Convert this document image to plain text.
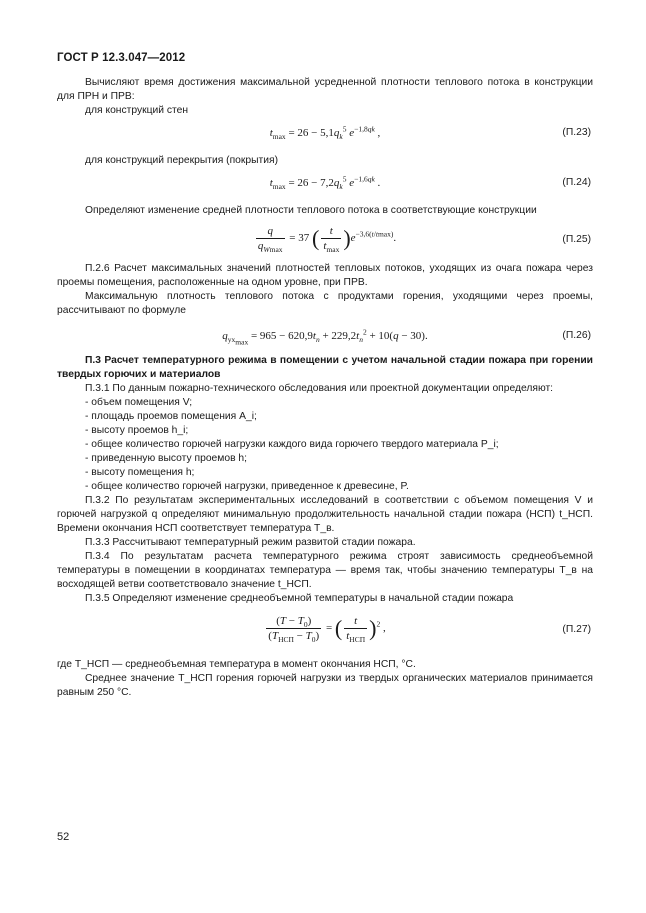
ГОСТ Р 12.3.047—2012

Вычисляют время достижения максимальной усредненной плотности теплового потока в конструкции для ПРН и ПРВ:

для конструкций стен

$t_{max} = 26 - 5,1q_k^5$ $e^{-1,8qk}$ ,	(П.23)

для конструкций перекрытия (покрытия)

$t_{max} = 26 - 7,2q_k^5$ $e^{-1,6qk}$ .	(П.24)

Определяют изменение средней плотности теплового потока в соответствующие конструкции

$\frac{q}{q_{Wmax}} = 37$ ( $\frac{t}{t_{max}} )e^{-3,6(t/tmax)}$.	(П.25)

П.2.6 Расчет максимальных значений плотностей тепловых потоков, уходящих из очага пожара через проемы помещения, расположенные на одном уровне, при ПРВ.

Максимальную плотность теплового потока с продуктами горения, уходящими через проемы, рассчитывают по формуле

$q_{ух_{max}} = 965 - 620,9t_п + 229,2t_п^2 + 10(q - 30)$.	(П.26)

П.3 Расчет температурного режима в помещении с учетом начальной стадии пожара при горении твердых горючих и материалов

П.3.1 По данным пожарно-технического обследования или проектной документации определяют:

- объем помещения V;

- площадь проемов помещения A_i;

- высоту проемов h_i;

- общее количество горючей нагрузки каждого вида горючего твердого материала P_i;

- приведенную высоту проемов h;

- высоту помещения h;

- общее количество горючей нагрузки, приведенное к древесине, P.

П.3.2 По результатам экспериментальных исследований в соответствии с объемом помещения V и горючей нагрузкой q определяют минимальную продолжительность начальной стадии пожара (НСП) t_НСП. Времени окончания НСП соответствует температура T_в.

П.3.3 Рассчитывают температурный режим развитой стадии пожара.

П.3.4 По результатам расчета температурного режима строят зависимость среднеобъемной температуры в помещении в координатах температура — время так, чтобы значению температуры T_в на восходящей ветви соответствовало значение t_НСП.

П.3.5 Определяют изменение среднеобъемной температуры в начальной стадии пожара

$\frac{(T - T_0)}{(T_{НСП} - T_0)}$ = ( $\frac{t}{t_{НСП}} )^2$ ,	(П.27)

где T_НСП — среднеобъемная температура в момент окончания НСП, °С.

Среднее значение T_НСП горения горючей нагрузки из твердых органических материалов принимается равным 250 °С.

52
